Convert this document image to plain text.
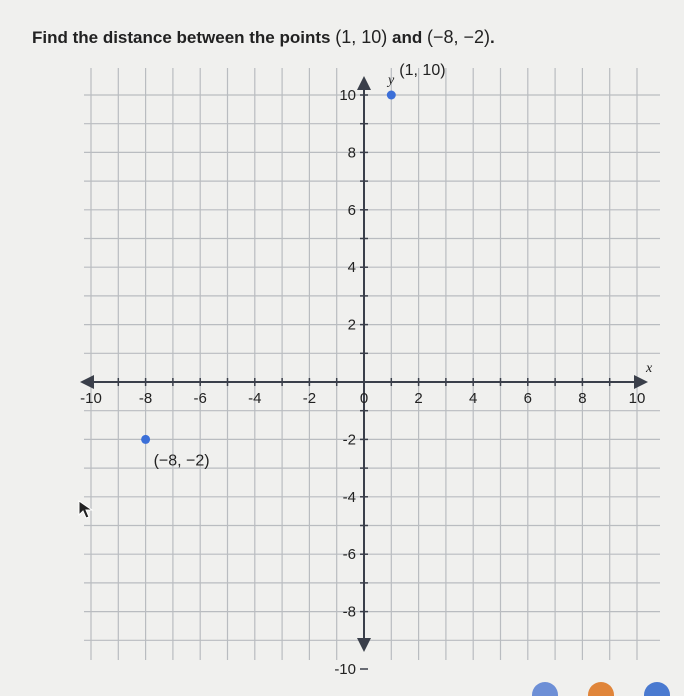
Find the distance between the points (1, 10) and (−8, −2).

-10 -8	-6	-4	-2	0	2	4	6	8	10
10
8
6
4
2
-2
-4
-6
-8
-10
(1, 10)
(−8, −2)
x
y
